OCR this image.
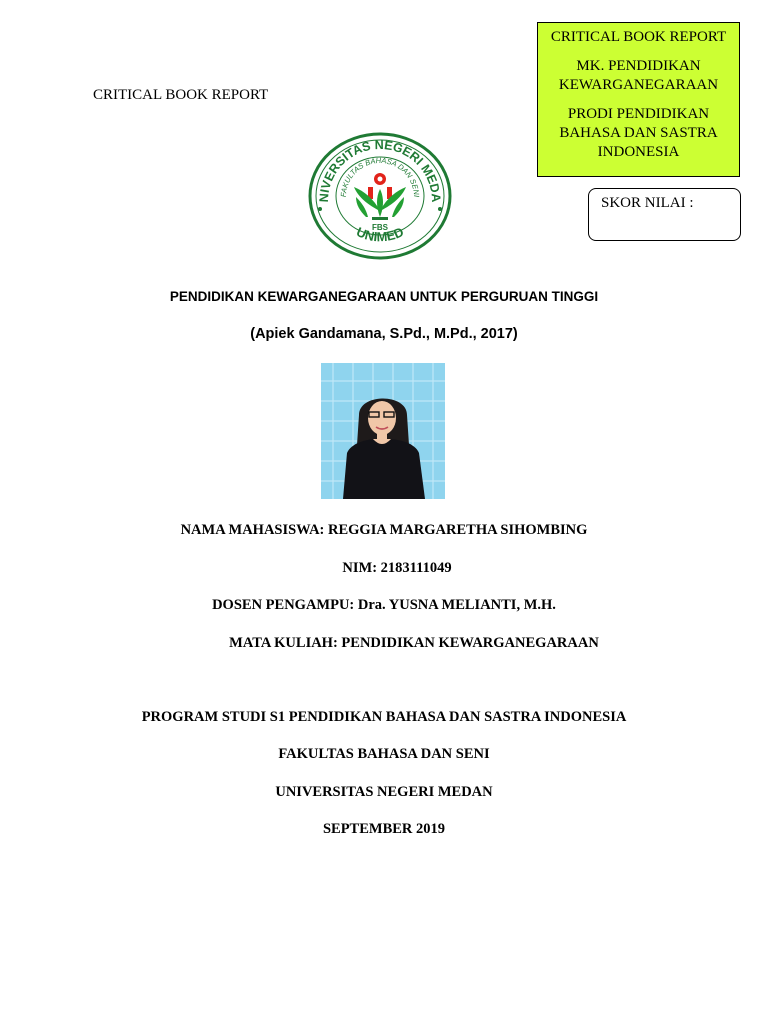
CRITICAL BOOK REPORT

CRITICAL BOOK REPORT

MK. PENDIDIKAN KEWARGANEGARAAN

PRODI PENDIDIKAN BAHASA DAN SASTRA INDONESIA

SKOR NILAI :
NIVERSITAS NEGERI MEDA
FAKULTAS BAHASA DAN SENI
FBS
UNIMED
PENDIDIKAN KEWARGANEGARAAN UNTUK PERGURUAN TINGGI
(Apiek Gandamana, S.Pd., M.Pd., 2017)
NAMA MAHASISWA: REGGIA MARGARETHA SIHOMBING
NIM: 2183111049
DOSEN PENGAMPU: Dra. YUSNA MELIANTI, M.H.
MATA KULIAH: PENDIDIKAN KEWARGANEGARAAN
PROGRAM STUDI S1 PENDIDIKAN BAHASA DAN SASTRA INDONESIA
FAKULTAS BAHASA DAN SENI
UNIVERSITAS NEGERI MEDAN
SEPTEMBER 2019
